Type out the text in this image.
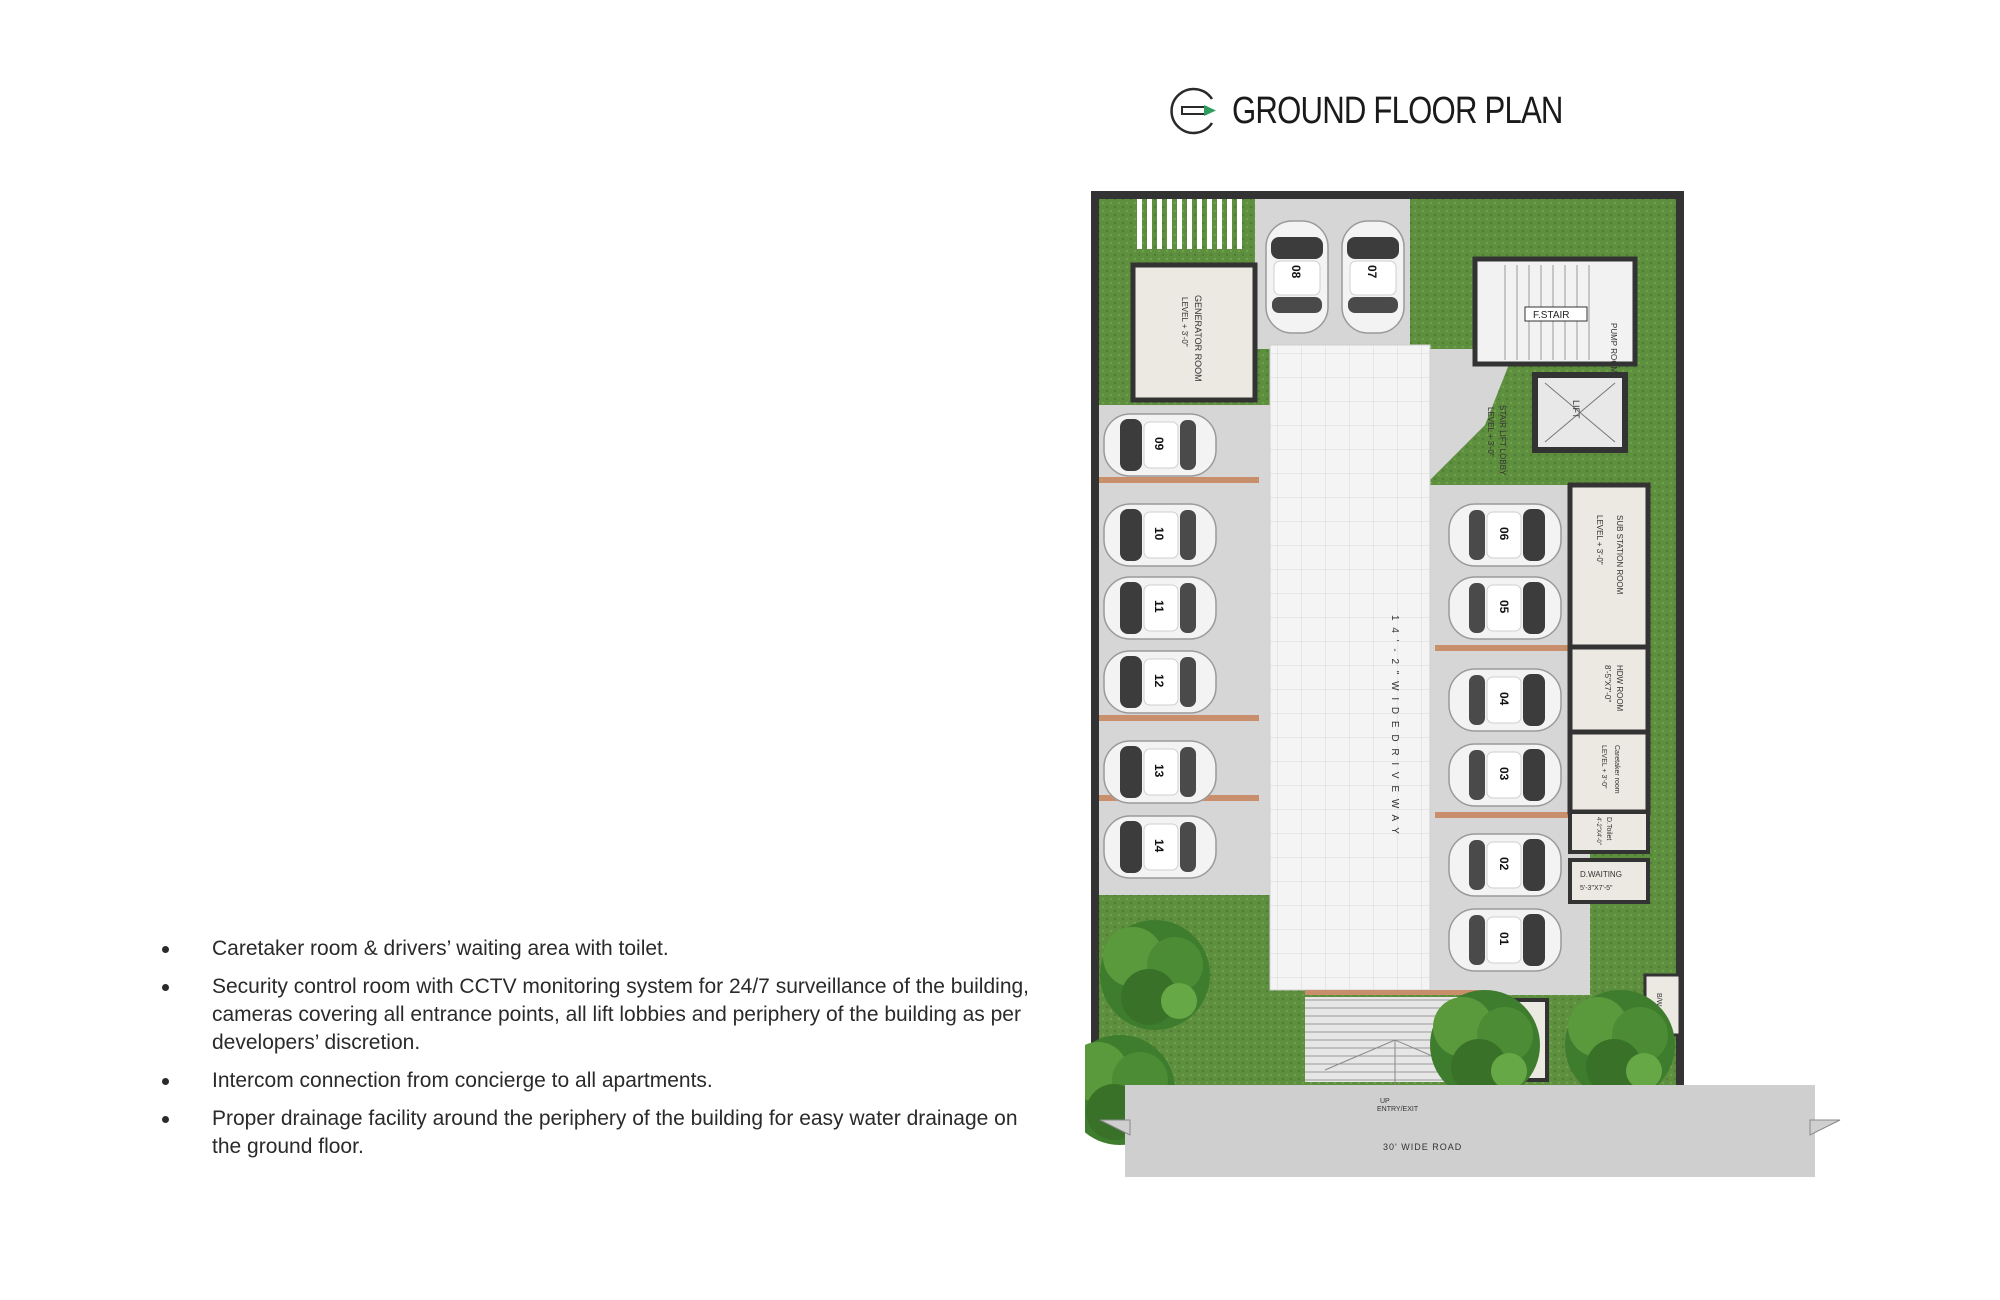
Caretaker room & drivers’ waiting area with toilet.
Security control room with CCTV monitoring system for 24/7 surveillance of the building, cameras covering all entrance points, all lift lobbies and periphery of the building as per developers’ discretion.
Intercom connection from concierge to all apartments.
Proper drainage facility around the periphery of the building for easy water drainage on the ground floor.
GROUND FLOOR PLAN
1 4 ' - 2 " W I D E D R I V E W A Y
GENERATOR ROOM
LEVEL + 3'-0"	F.STAIR
PUMP ROOM
LIFT
STAIR LIFT LOBBY
LEVEL + 3'-0"
SUB STATION ROOM
LEVEL + 3'-0"
HDW ROOM
8'-5"X7'-0"
Caretaker room
LEVEL + 3'-0"
D.Toilet
4'-2"X4'-0"
D.WAITING
5'-3"X7'-5"
B/W
09
10
11
12
13
14
06
05
04
03
02
01
08	07
UP
ENTRY/EXIT
30' WIDE ROAD
